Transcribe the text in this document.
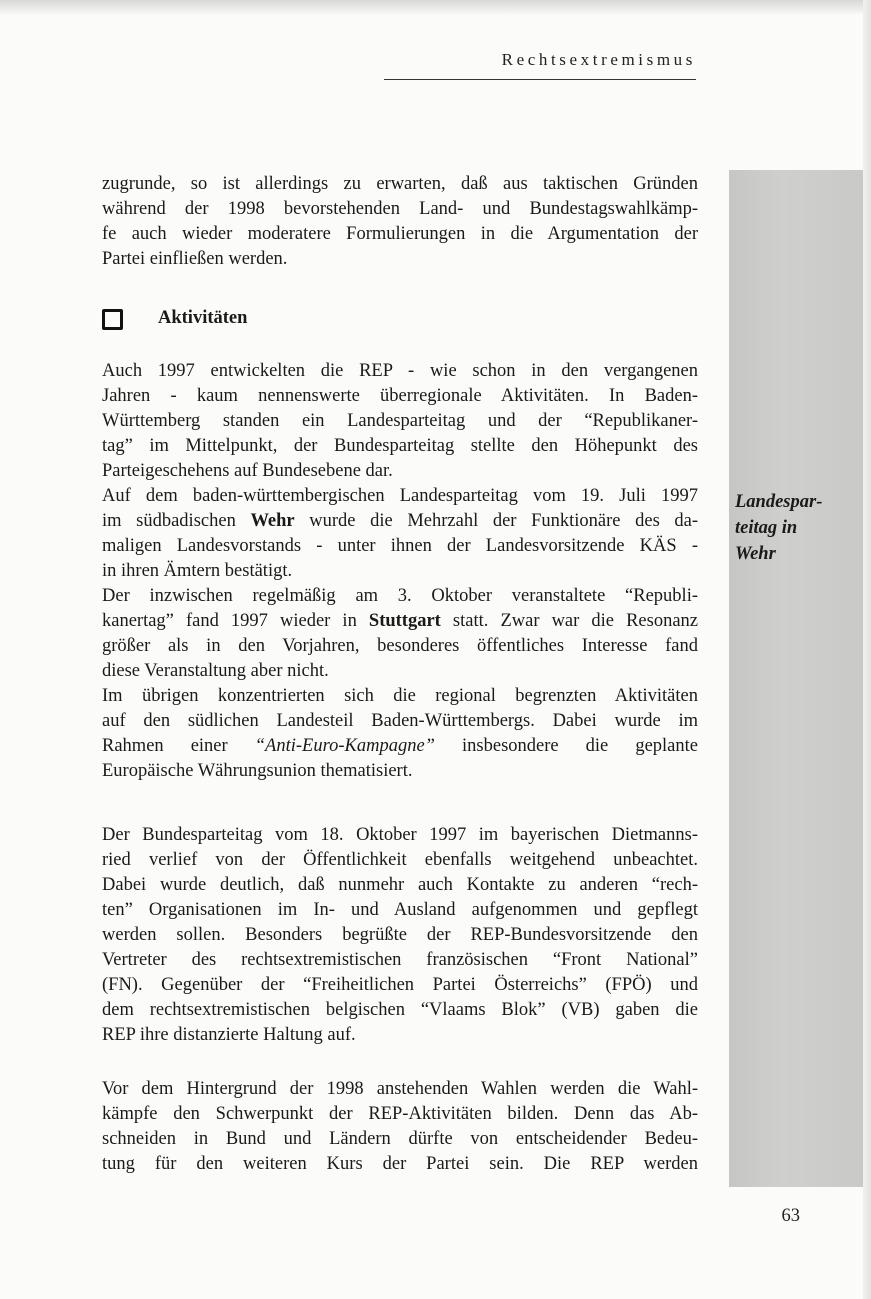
Rechtsextremismus
zugrunde, so ist allerdings zu erwarten, daß aus taktischen Gründen
während der 1998 bevorstehenden Land- und Bundestagswahlkämp-
fe auch wieder moderatere Formulierungen in die Argumentation der
Partei einfließen werden.
Aktivitäten
Auch 1997 entwickelten die REP - wie schon in den vergangenen
Jahren - kaum nennenswerte überregionale Aktivitäten. In Baden-
Württemberg standen ein Landesparteitag und der “Republikaner-
tag” im Mittelpunkt, der Bundesparteitag stellte den Höhepunkt des
Parteigeschehens auf Bundesebene dar.
Auf dem baden-württembergischen Landesparteitag vom 19. Juli 1997
im südbadischen Wehr wurde die Mehrzahl der Funktionäre des da-
maligen Landesvorstands - unter ihnen der Landesvorsitzende KÄS -
in ihren Ämtern bestätigt.
Der inzwischen regelmäßig am 3. Oktober veranstaltete “Republi-
kanertag” fand 1997 wieder in Stuttgart statt. Zwar war die Resonanz
größer als in den Vorjahren, besonderes öffentliches Interesse fand
diese Veranstaltung aber nicht.
Im übrigen konzentrierten sich die regional begrenzten Aktivitäten
auf den südlichen Landesteil Baden-Württembergs. Dabei wurde im
Rahmen einer “Anti-Euro-Kampagne” insbesondere die geplante
Europäische Währungsunion thematisiert.
Landespar-
teitag in
Wehr
Der Bundesparteitag vom 18. Oktober 1997 im bayerischen Dietmanns-
ried verlief von der Öffentlichkeit ebenfalls weitgehend unbeachtet.
Dabei wurde deutlich, daß nunmehr auch Kontakte zu anderen “rech-
ten” Organisationen im In- und Ausland aufgenommen und gepflegt
werden sollen. Besonders begrüßte der REP-Bundesvorsitzende den
Vertreter des rechtsextremistischen französischen “Front National”
(FN). Gegenüber der “Freiheitlichen Partei Österreichs” (FPÖ) und
dem rechtsextremistischen belgischen “Vlaams Blok” (VB) gaben die
REP ihre distanzierte Haltung auf.
Vor dem Hintergrund der 1998 anstehenden Wahlen werden die Wahl-
kämpfe den Schwerpunkt der REP-Aktivitäten bilden. Denn das Ab-
schneiden in Bund und Ländern dürfte von entscheidender Bedeu-
tung für den weiteren Kurs der Partei sein. Die REP werden
63
